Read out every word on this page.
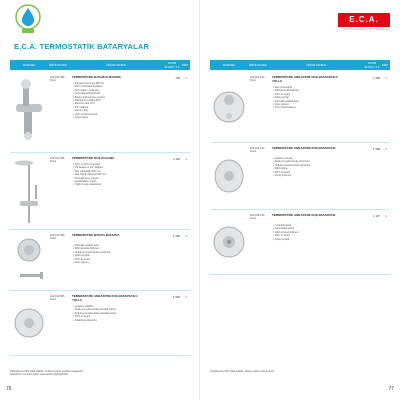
E.C.A. TERMOSTATİK BATARYALAR
GÖRSEL	ÜRÜN KODU	ÜRÜN TANIMI	LİSTE FİYATI / TL KDV
102 102 305
Krom
TERMOSTATİK BATARYA MAXIMA
• Kartuşlu çıkış suyu 38°C'de
• 38°C'yi otomatik ayarlama
• Hızlı soğuk / sıcak akış
• Termostat kilitli güvenlik
• Basınç düşmesinde emniyet
• Maksimum sıcaklık 80°C
• Minimum fark 15°C
• 3/4" bağlantı
• Gövde pirinç
• Uzun ömürlü seramik
• Kolay bakım
759	1
102 102 306
Krom
TERMOSTATİK DUŞ KOLONU
• 38°C ve 40°C termostat
• 3/8 tavana ve 1/2" bağlantı
• Duş yüksekliği 1130 mm
• Duş başlığı ölçüsü Ø 200 mm
• Otomatik kireç önleyici
• Ayarlanabilir el duşu
• Yağmur duşu paslanmaz
4 160	1
102 102 305
Krom
TERMOSTATİK BANYO BATARYA
• Otomatik sıcaklık ayarı
• Kilitli güvenlik düğmesi
• Soğuk su kesilmesinde durdurma
• Kolay temizlik
• 38°C ön ayarlı
• Kireç önleyici
1 280	1
102 102 305
Krom
TERMOSTATİK ANKASTRE DUŞ BATARYASI 1 YOLLU
• Ankastre bağlantı
• Sıcak su kesilmesinde otomatik durma
• Soğuk su kesilmesinde otomatik durma
• 38°C ön ayarlı
• Sıcaklık sınırlandırıcı
1 560	1
Fiyatlarımıza KDV dahil değildir. Ürünlerin teknik özellikleri değişebilir.
Fiyatlarımız önceden haber verilmeksizin değiştirilebilir.
76
E.C.A.
INTELLIGENT BATHROOM
GÖRSEL	ÜRÜN KODU	ÜRÜN TANIMI	LİSTE FİYATI / TL KDV
102 102 134
Krom
TERMOSTATİK ANKASTRE DUŞ BATARYASI 2 YOLLU
• Akış yönlendirici
• Kilitli güvenlik düğmesi
• 38°C ön ayarlı
• Kolay montaj
• Otomatik sıcaklık ayarı
• Kireç önleyici
• Uzun ömürlü kartuş
2 168	1
102 102 134
Krom
TERMOSTATİK ANKASTRE DUŞ BATARYASI
• Ankastre montaj
• Sıcak su kesilmesinde durdurma
• Soğuk su kesilmesinde durdurma
• Kilitli düğme
• 38°C ön ayarlı
• Temiz görünüm
1 688	1
102 102 134
Krom
TERMOSTATİK ANKASTRE DUŞ BATARYASI
• Yuvarlak kapak
• Termostatik kartuş
• Kilitli emniyet düğmesi
• 38°C ön ayarlı
• Kolay temizlik
1 127	1
Fiyatlarımıza KDV dahil değildir. Tavsiye edilen satış fiyatıdır.
77
